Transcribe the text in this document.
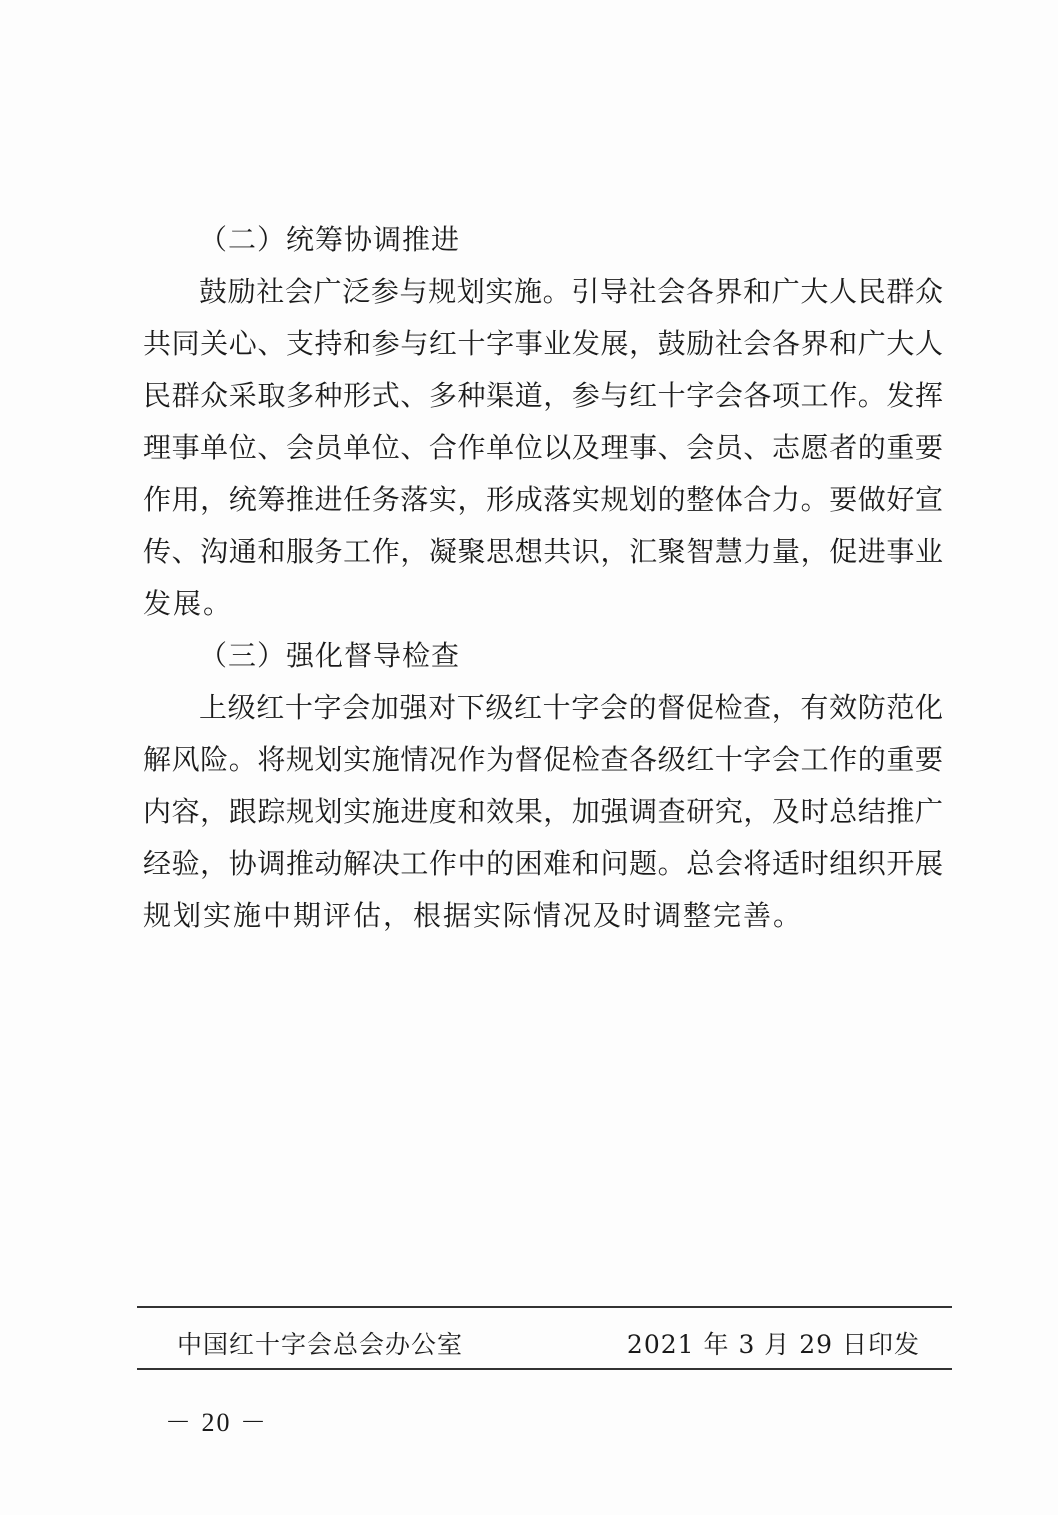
（二）统筹协调推进
鼓励社会广泛参与规划实施。引导社会各界和广大人民群众
共同关心、支持和参与红十字事业发展，鼓励社会各界和广大人
民群众采取多种形式、多种渠道，参与红十字会各项工作。发挥
理事单位、会员单位、合作单位以及理事、会员、志愿者的重要
作用，统筹推进任务落实，形成落实规划的整体合力。要做好宣
传、沟通和服务工作，凝聚思想共识，汇聚智慧力量，促进事业
发展。
（三）强化督导检查
上级红十字会加强对下级红十字会的督促检查，有效防范化
解风险。将规划实施情况作为督促检查各级红十字会工作的重要
内容，跟踪规划实施进度和效果，加强调查研究，及时总结推广
经验，协调推动解决工作中的困难和问题。总会将适时组织开展
规划实施中期评估，根据实际情况及时调整完善。
中国红十字会总会办公室	2021 年 3 月 29 日印发
－ 20 －
